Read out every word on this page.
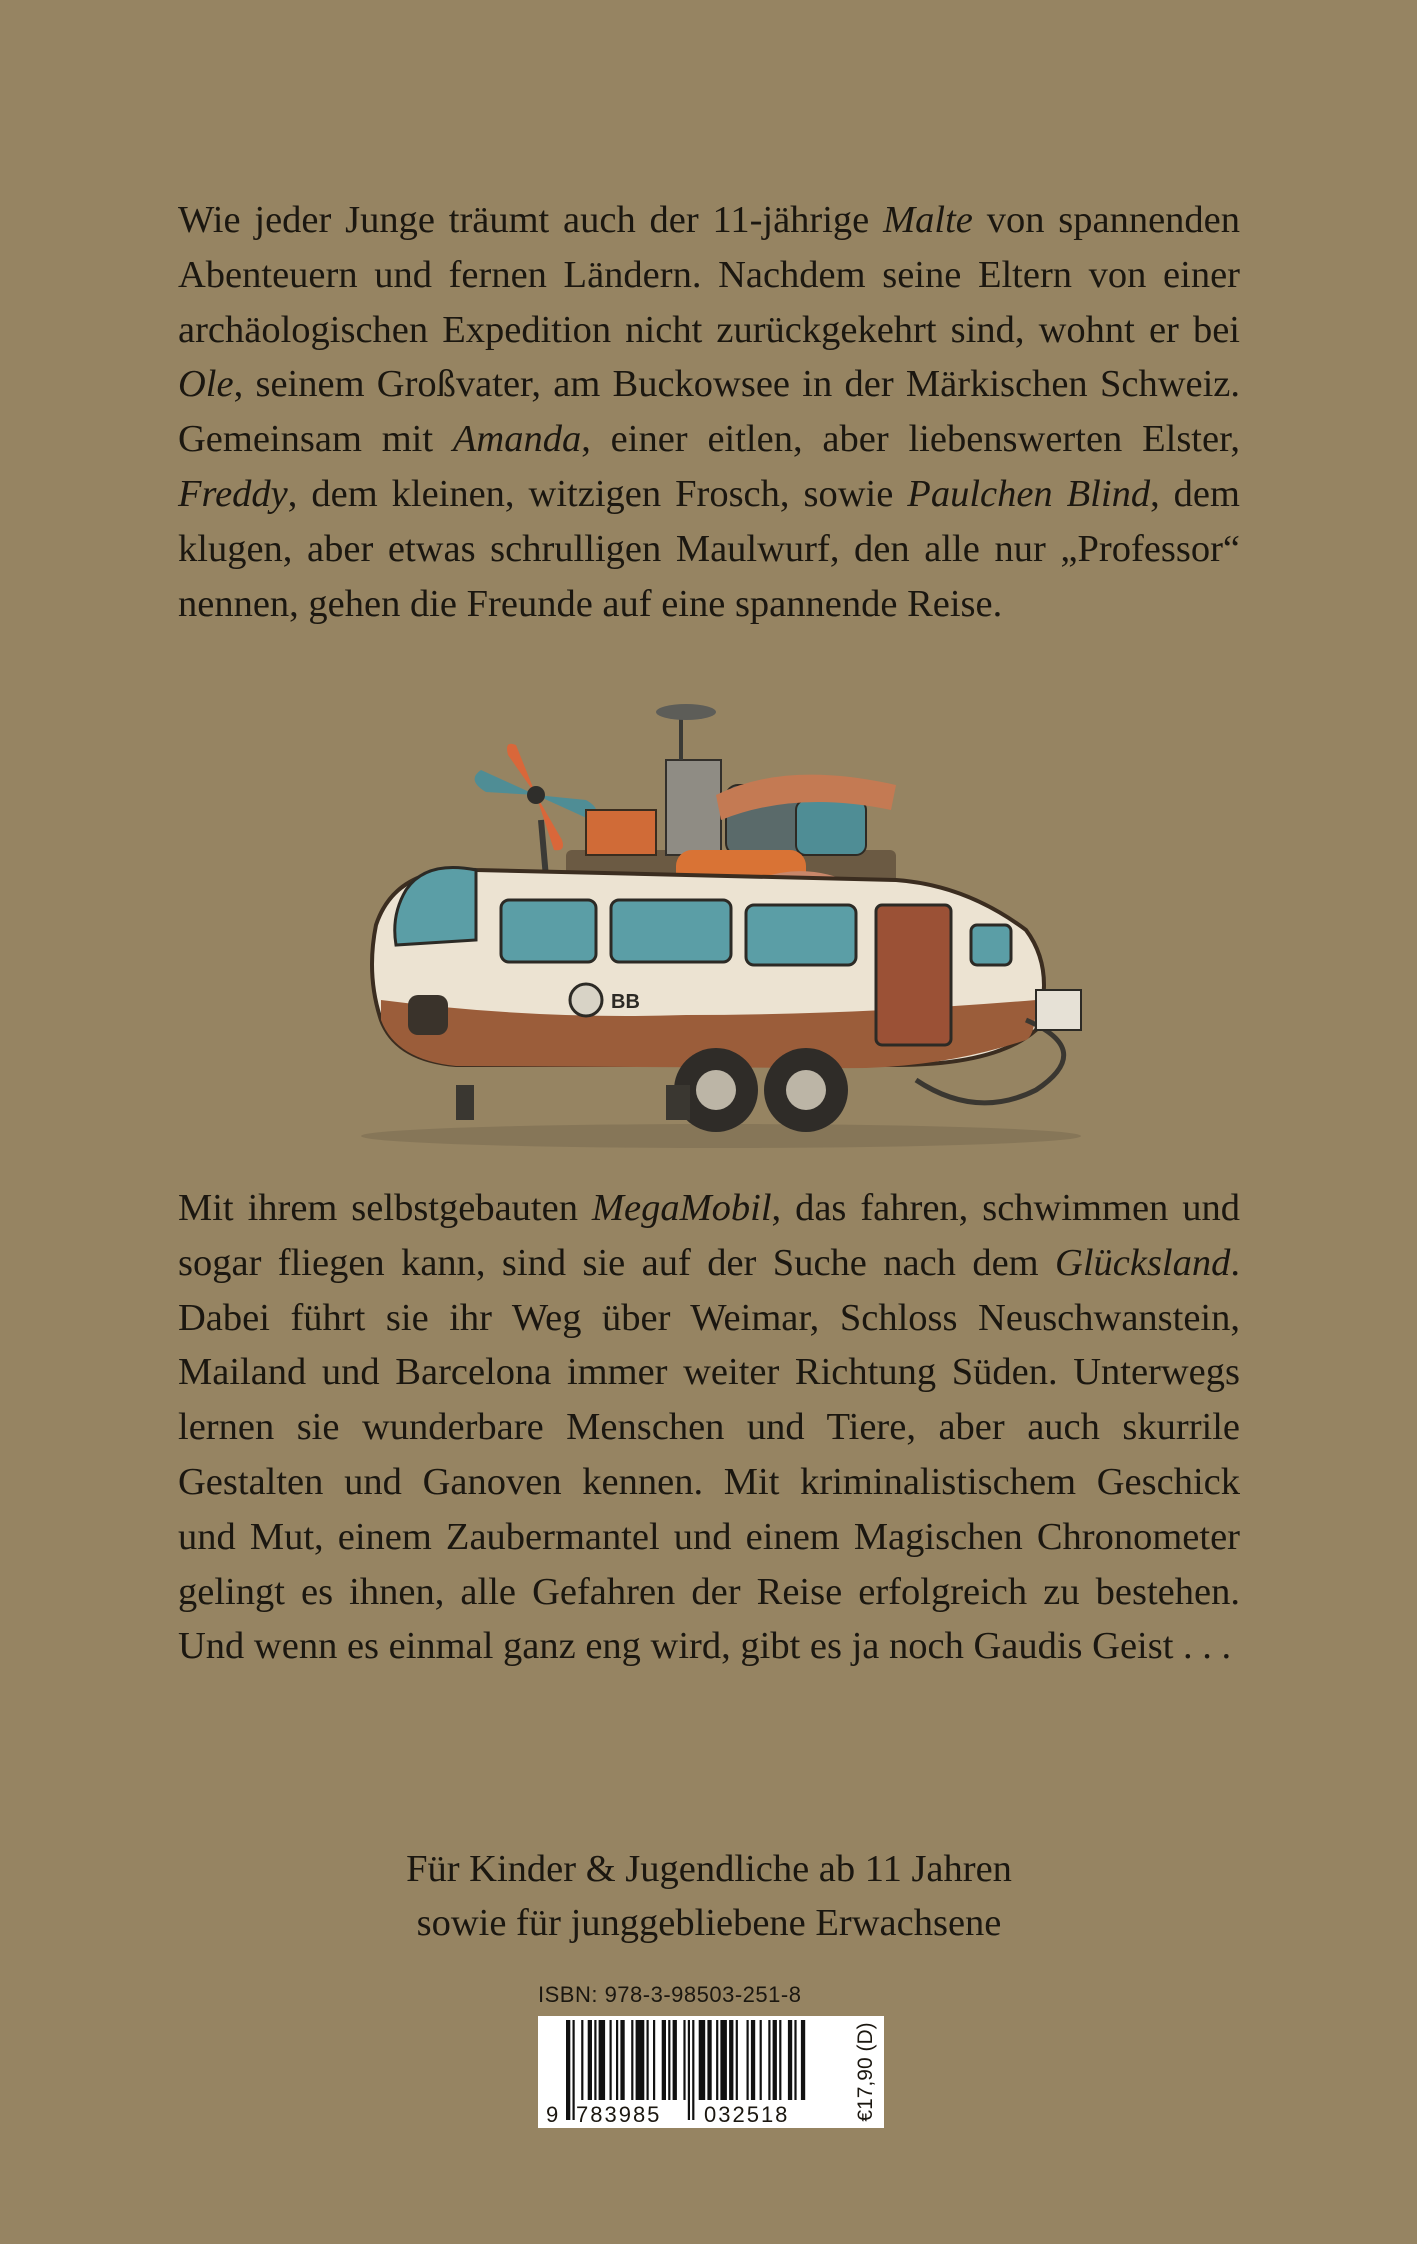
Wie jeder Junge träumt auch der 11-jährige Malte von spannenden Abenteuern und fernen Ländern. Nachdem seine Eltern von einer archäologischen Expedition nicht zurückgekehrt sind, wohnt er bei Ole, seinem Großvater, am Buckowsee in der Märkischen Schweiz. Gemeinsam mit Amanda, einer eitlen, aber liebenswerten Elster, Freddy, dem kleinen, witzigen Frosch, sowie Paulchen Blind, dem klugen, aber etwas schrulligen Maulwurf, den alle nur „Professor“ nennen, gehen die Freunde auf eine spannende Reise.

BB

Mit ihrem selbstgebauten MegaMobil, das fahren, schwimmen und sogar fliegen kann, sind sie auf der Suche nach dem Glücksland. Dabei führt sie ihr Weg über Weimar, Schloss Neuschwanstein, Mailand und Barcelona immer weiter Richtung Süden. Unterwegs lernen sie wunderbare Menschen und Tiere, aber auch skurrile Gestalten und Ganoven kennen. Mit kriminalistischem Geschick und Mut, einem Zaubermantel und einem Magischen Chronometer gelingt es ihnen, alle Gefahren der Reise erfolgreich zu bestehen. Und wenn es einmal ganz eng wird, gibt es ja noch Gaudis Geist . . .

Für Kinder & Jugendliche ab 11 Jahren
sowie für junggebliebene Erwachsene
ISBN: 978-3-98503-251-8
9 783985 032518	€17,90 (D)
